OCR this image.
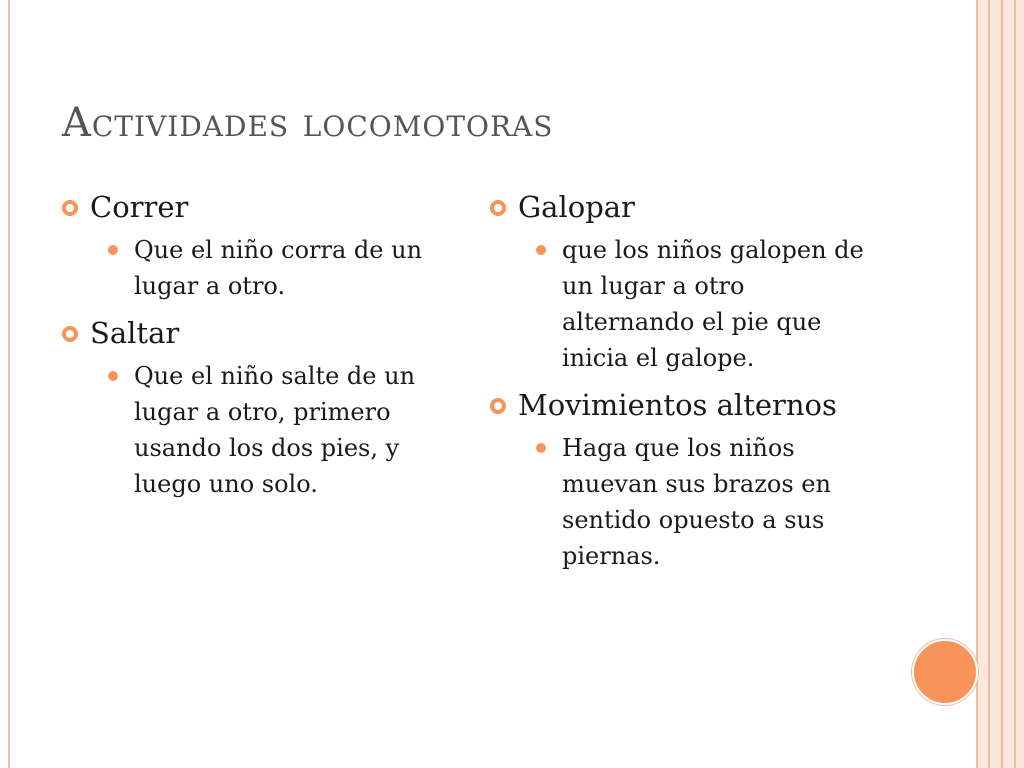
Actividades locomotoras
Correr
Que el niño corra de un lugar a otro.
Saltar
Que el niño salte de un lugar a otro, primero usando los dos pies, y luego uno solo.
Galopar
que los niños galopen de un lugar a otro alternando el pie que inicia el galope.
Movimientos alternos
Haga que los niños muevan sus brazos en sentido opuesto a sus piernas.
